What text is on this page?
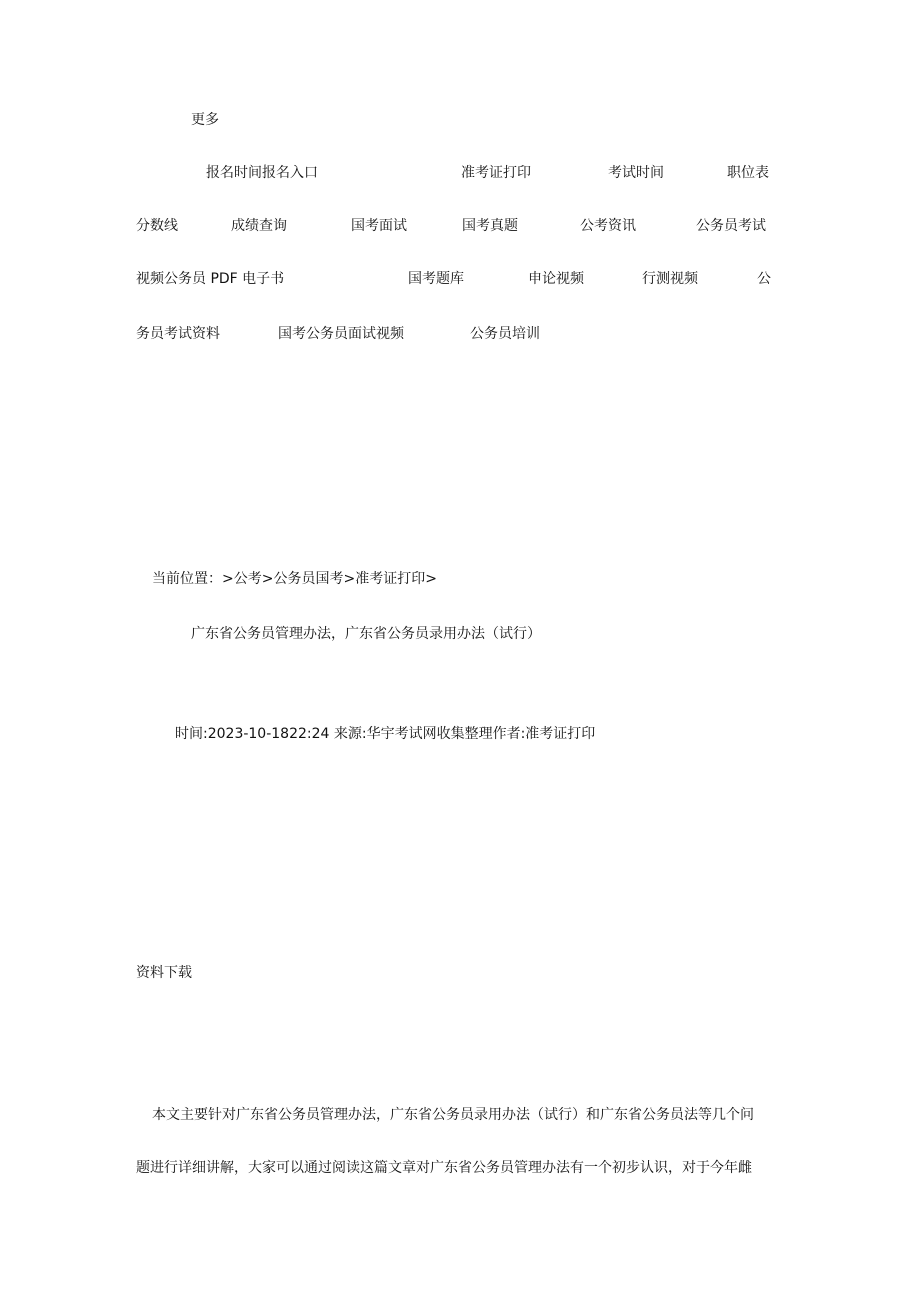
更多
报名时间报名入口	准考证打印	考试时间	职位表
分数线	成绩查询	国考面试	国考真题	公考资讯	公务员考试
视频公务员 PDF 电子书	国考题库	申论视频	行测视频	公
务员考试资料	国考公务员面试视频	公务员培训
当前位置：>公考>公务员国考>准考证打印>
广东省公务员管理办法，广东省公务员录用办法（试行）
时间:2023-10-1822:24 来源:华宇考试网收集整理作者:准考证打印
资料下载
本文主要针对广东省公务员管理办法，广东省公务员录用办法（试行）和广东省公务员法等几个问
题进行详细讲解，大家可以通过阅读这篇文章对广东省公务员管理办法有一个初步认识，对于今年雌
